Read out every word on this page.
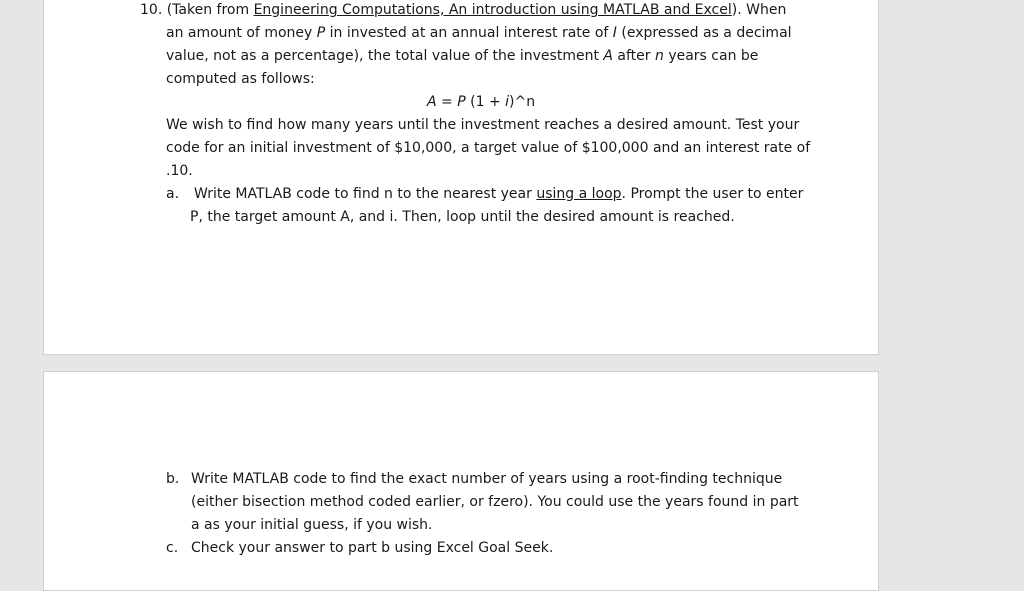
10. (Taken from Engineering Computations, An introduction using MATLAB and Excel). When
an amount of money P in invested at an annual interest rate of I (expressed as a decimal
value, not as a percentage), the total value of the investment A after n years can be
computed as follows:
A = P (1 + i)^n
We wish to find how many years until the investment reaches a desired amount. Test your
code for an initial investment of $10,000, a target value of $100,000 and an interest rate of
.10.
a. Write MATLAB code to find n to the nearest year using a loop. Prompt the user to enter
P, the target amount A, and i. Then, loop until the desired amount is reached.
b. Write MATLAB code to find the exact number of years using a root-finding technique
(either bisection method coded earlier, or fzero). You could use the years found in part
a as your initial guess, if you wish.
c. Check your answer to part b using Excel Goal Seek.
